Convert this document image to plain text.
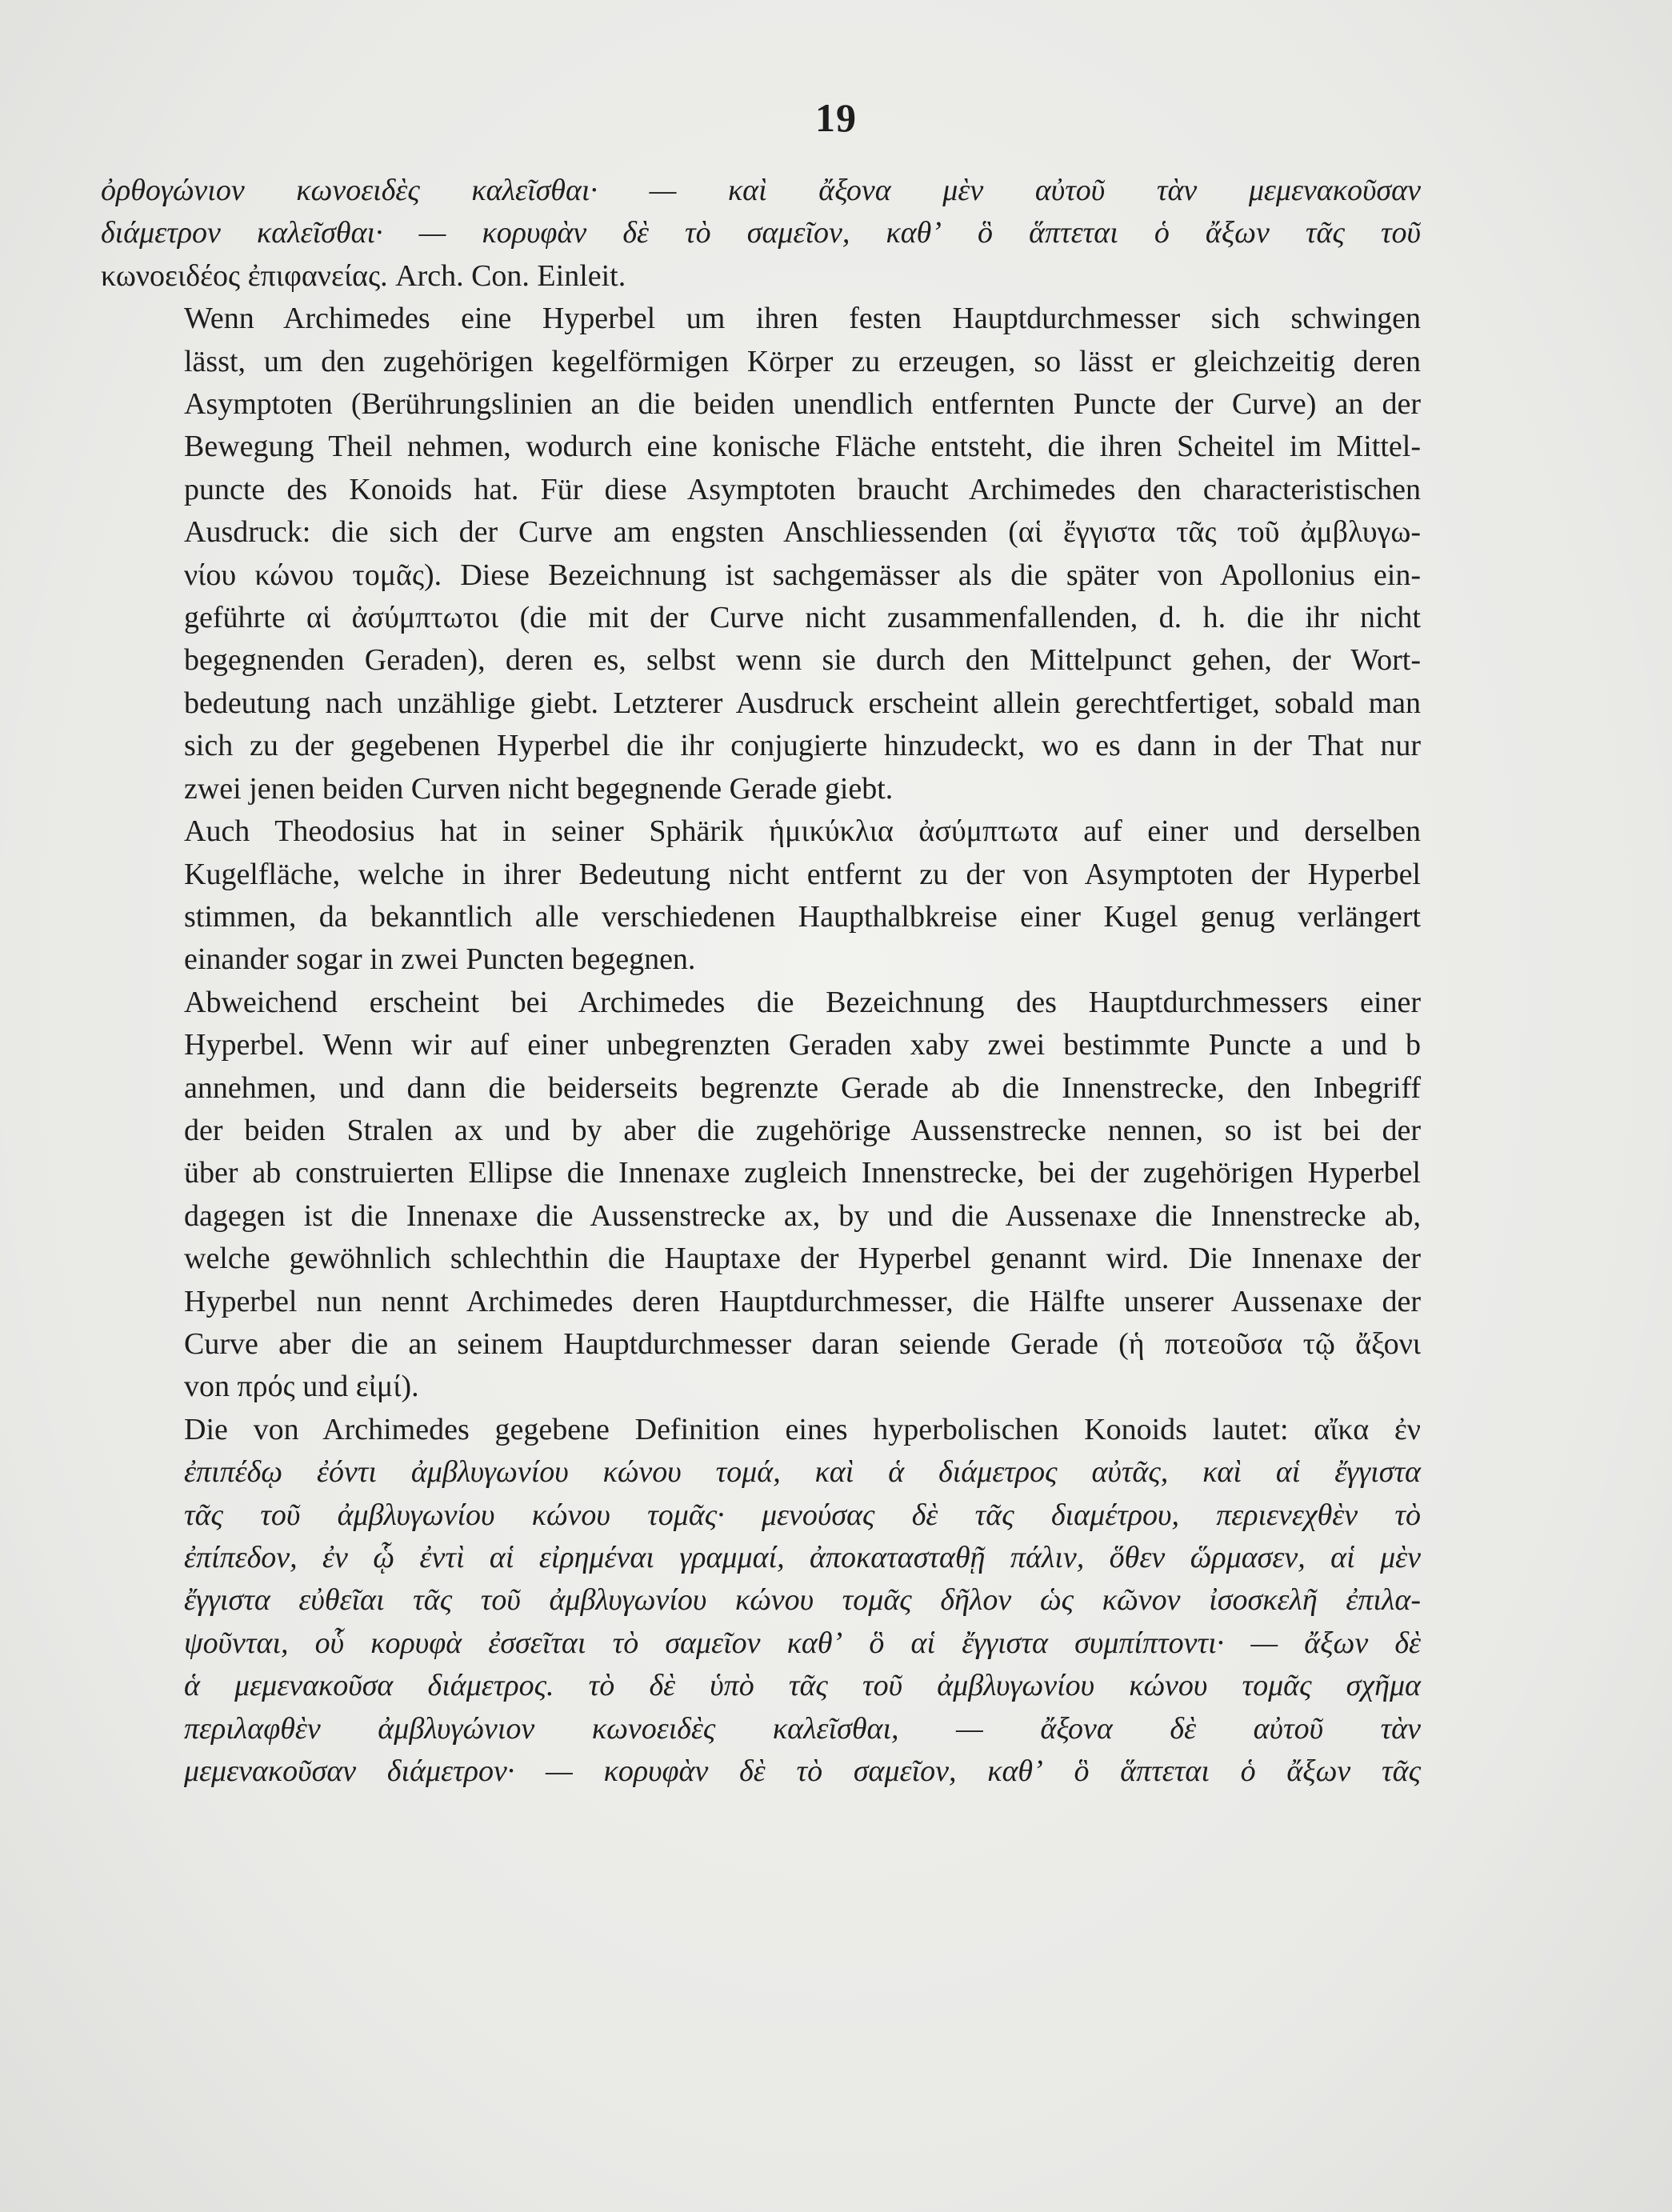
19

ὀρθογώνιον κωνοειδὲς καλεῖσθαι· — καὶ ἄξονα μὲν αὐτοῦ τὰν μεμενακοῦσαν
διάμετρον καλεῖσθαι· — κορυφὰν δὲ τὸ σαμεῖον, καθʼ ὃ ἅπτεται ὁ ἄξων τᾶς τοῦ
κωνοειδέος ἐπιφανείας. Arch. Con. Einleit.

Wenn Archimedes eine Hyperbel um ihren festen Hauptdurchmesser sich schwingen
lässt, um den zugehörigen kegelförmigen Körper zu erzeugen, so lässt er gleichzeitig deren
Asymptoten (Berührungslinien an die beiden unendlich entfernten Puncte der Curve) an der
Bewegung Theil nehmen, wodurch eine konische Fläche entsteht, die ihren Scheitel im Mittel-
puncte des Konoids hat. Für diese Asymptoten braucht Archimedes den characteristischen
Ausdruck: die sich der Curve am engsten Anschliessenden (αἱ ἔγγιστα τᾶς τοῦ ἀμβλυγω-
νίου κώνου τομᾶς). Diese Bezeichnung ist sachgemässer als die später von Apollonius ein-
geführte αἱ ἀσύμπτωτοι (die mit der Curve nicht zusammenfallenden, d. h. die ihr nicht
begegnenden Geraden), deren es, selbst wenn sie durch den Mittelpunct gehen, der Wort-
bedeutung nach unzählige giebt. Letzterer Ausdruck erscheint allein gerechtfertiget, sobald man
sich zu der gegebenen Hyperbel die ihr conjugierte hinzudeckt, wo es dann in der That nur
zwei jenen beiden Curven nicht begegnende Gerade giebt.

Auch Theodosius hat in seiner Sphärik ἡμικύκλια ἀσύμπτωτα auf einer und derselben
Kugelfläche, welche in ihrer Bedeutung nicht entfernt zu der von Asymptoten der Hyperbel
stimmen, da bekanntlich alle verschiedenen Haupthalbkreise einer Kugel genug verlängert
einander sogar in zwei Puncten begegnen.

Abweichend erscheint bei Archimedes die Bezeichnung des Hauptdurchmessers einer
Hyperbel. Wenn wir auf einer unbegrenzten Geraden xaby zwei bestimmte Puncte a und b
annehmen, und dann die beiderseits begrenzte Gerade ab die Innenstrecke, den Inbegriff
der beiden Stralen ax und by aber die zugehörige Aussenstrecke nennen, so ist bei der
über ab construierten Ellipse die Innenaxe zugleich Innenstrecke, bei der zugehörigen Hyperbel
dagegen ist die Innenaxe die Aussenstrecke ax, by und die Aussenaxe die Innenstrecke ab,
welche gewöhnlich schlechthin die Hauptaxe der Hyperbel genannt wird. Die Innenaxe der
Hyperbel nun nennt Archimedes deren Hauptdurchmesser, die Hälfte unserer Aussenaxe der
Curve aber die an seinem Hauptdurchmesser daran seiende Gerade (ἡ ποτεοῦσα τῷ ἄξονι
von πρός und εἰμί).

Die von Archimedes gegebene Definition eines hyperbolischen Konoids lautet: αἴκα ἐν
ἐπιπέδῳ ἐόντι ἀμβλυγωνίου κώνου τομά, καὶ ἁ διάμετρος αὐτᾶς, καὶ αἱ ἔγγιστα
τᾶς τοῦ ἀμβλυγωνίου κώνου τομᾶς· μενούσας δὲ τᾶς διαμέτρου, περιενεχθὲν τὸ
ἐπίπεδον, ἐν ᾧ ἐντὶ αἱ εἰρημέναι γραμμαί, ἀποκατασταθῇ πάλιν, ὅθεν ὥρμασεν, αἱ μὲν
ἔγγιστα εὐθεῖαι τᾶς τοῦ ἀμβλυγωνίου κώνου τομᾶς δῆλον ὡς κῶνον ἰσοσκελῆ ἐπιλα-
ψοῦνται, οὗ κορυφὰ ἐσσεῖται τὸ σαμεῖον καθʼ ὃ αἱ ἔγγιστα συμπίπτοντι· — ἄξων δὲ
ἁ μεμενακοῦσα διάμετρος. τὸ δὲ ὑπὸ τᾶς τοῦ ἀμβλυγωνίου κώνου τομᾶς σχῆμα
περιλαφθὲν ἀμβλυγώνιον κωνοειδὲς καλεῖσθαι, — ἄξονα δὲ αὐτοῦ τὰν
μεμενακοῦσαν διάμετρον· — κορυφὰν δὲ τὸ σαμεῖον, καθʼ ὃ ἅπτεται ὁ ἄξων τᾶς
